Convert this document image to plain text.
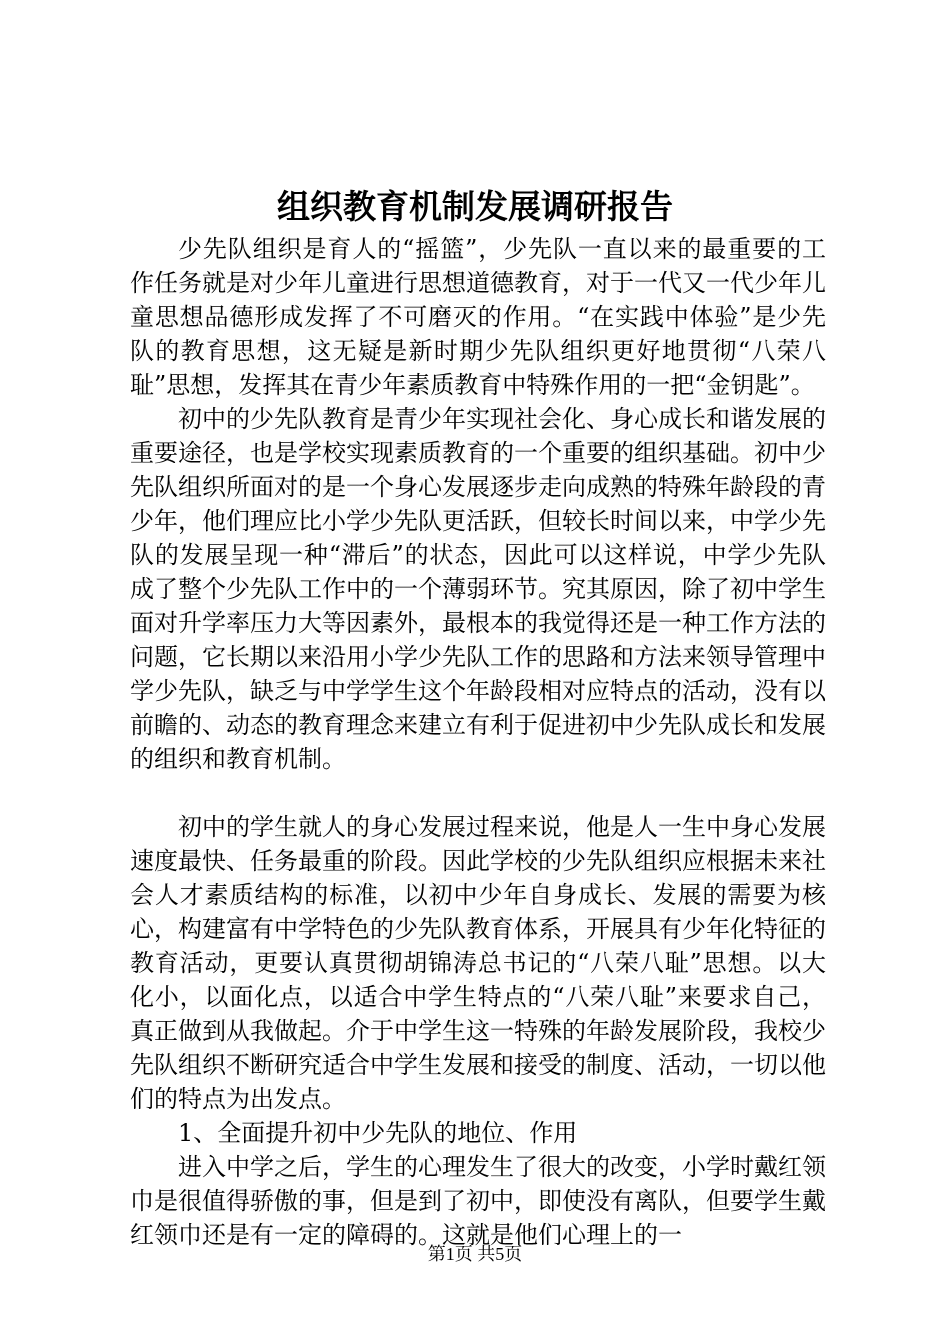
组织教育机制发展调研报告

少先队组织是育人的“摇篮”，少先队一直以来的最重要的工作任务就是对少年儿童进行思想道德教育，对于一代又一代少年儿童思想品德形成发挥了不可磨灭的作用。“在实践中体验”是少先队的教育思想，这无疑是新时期少先队组织更好地贯彻“八荣八耻”思想，发挥其在青少年素质教育中特殊作用的一把“金钥匙”。

初中的少先队教育是青少年实现社会化、身心成长和谐发展的重要途径，也是学校实现素质教育的一个重要的组织基础。初中少先队组织所面对的是一个身心发展逐步走向成熟的特殊年龄段的青少年，他们理应比小学少先队更活跃，但较长时间以来，中学少先队的发展呈现一种“滞后”的状态，因此可以这样说，中学少先队成了整个少先队工作中的一个薄弱环节。究其原因，除了初中学生面对升学率压力大等因素外，最根本的我觉得还是一种工作方法的问题，它长期以来沿用小学少先队工作的思路和方法来领导管理中学少先队，缺乏与中学学生这个年龄段相对应特点的活动，没有以前瞻的、动态的教育理念来建立有利于促进初中少先队成长和发展的组织和教育机制。

初中的学生就人的身心发展过程来说，他是人一生中身心发展速度最快、任务最重的阶段。因此学校的少先队组织应根据未来社会人才素质结构的标准，以初中少年自身成长、发展的需要为核心，构建富有中学特色的少先队教育体系，开展具有少年化特征的教育活动，更要认真贯彻胡锦涛总书记的“八荣八耻”思想。以大化小，以面化点，以适合中学生特点的“八荣八耻”来要求自己，真正做到从我做起。介于中学生这一特殊的年龄发展阶段，我校少先队组织不断研究适合中学生发展和接受的制度、活动，一切以他们的特点为出发点。

1、全面提升初中少先队的地位、作用

进入中学之后，学生的心理发生了很大的改变，小学时戴红领巾是很值得骄傲的事，但是到了初中，即使没有离队，但要学生戴红领巾还是有一定的障碍的。这就是他们心理上的一

第1页 共5页
